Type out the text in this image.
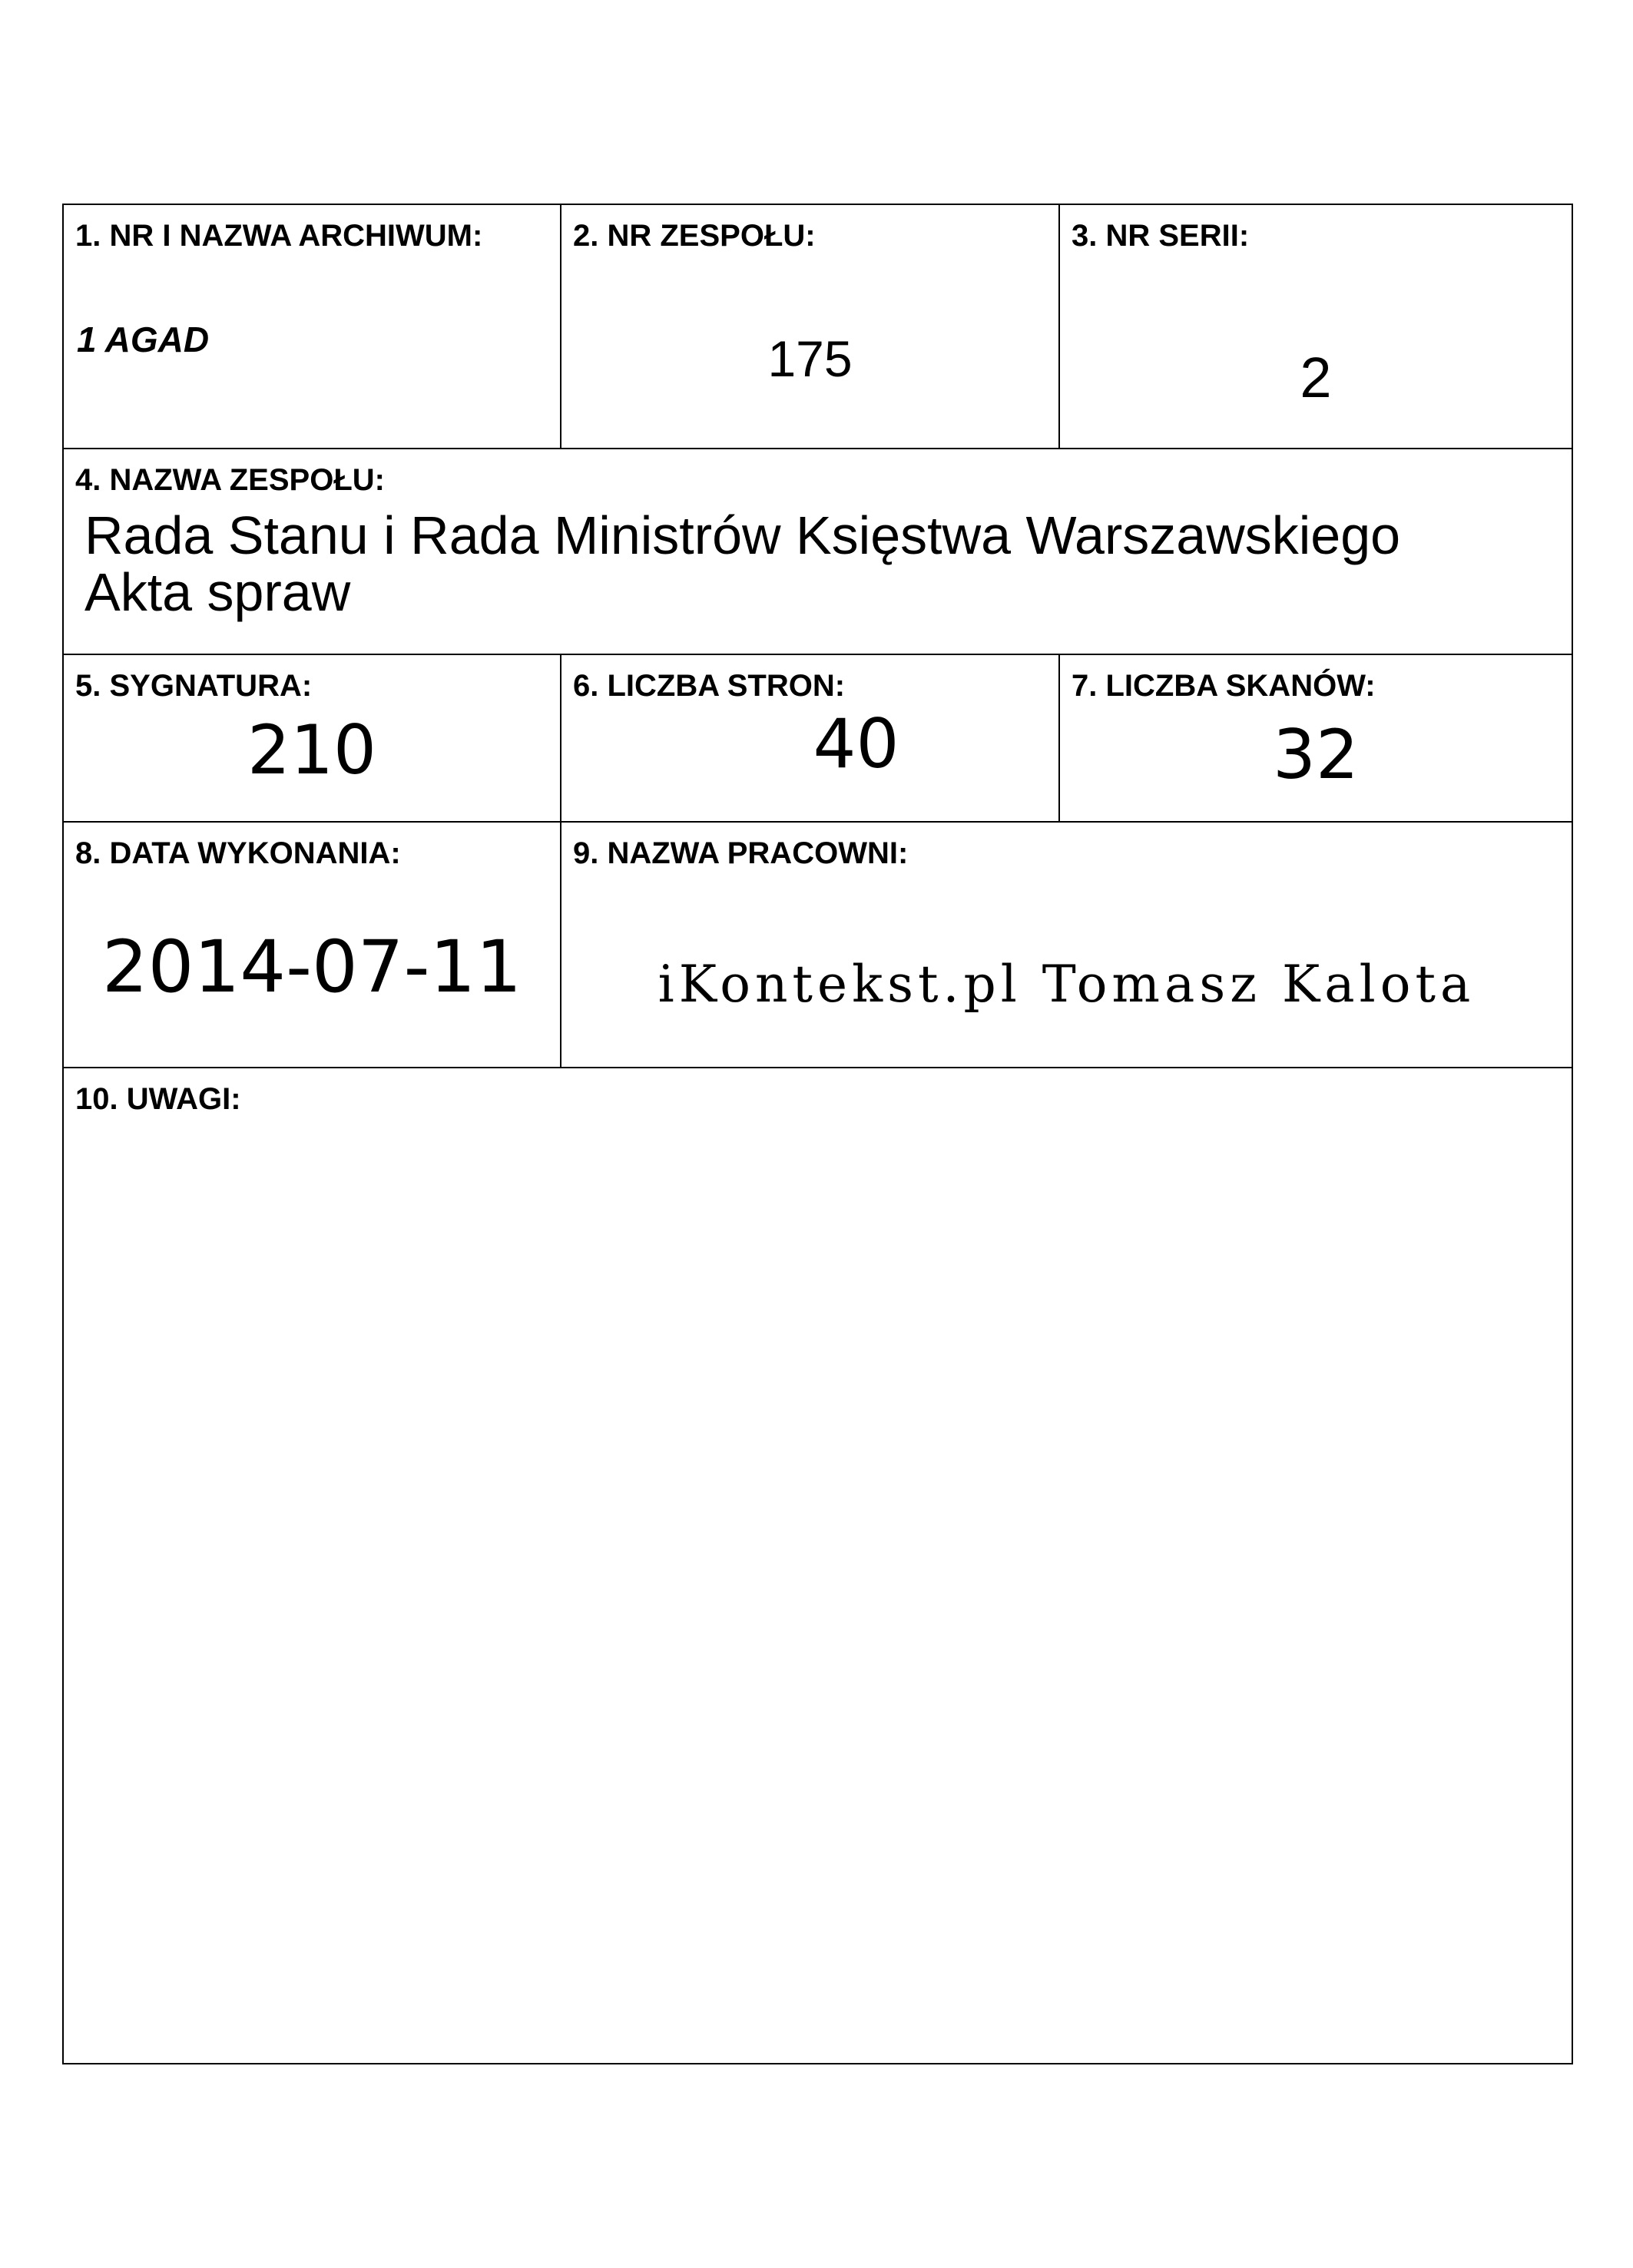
1. NR I NAZWA ARCHIWUM:
1 AGAD
2. NR ZESPOŁU:
175
3. NR SERII:
2
4. NAZWA ZESPOŁU:
Rada Stanu i Rada Ministrów Księstwa Warszawskiego
Akta spraw
5. SYGNATURA:
210
6. LICZBA STRON:
40
7. LICZBA SKANÓW:
32
8. DATA WYKONANIA:
2014-07-11
9. NAZWA PRACOWNI:
iKontekst.pl Tomasz Kalota
10. UWAGI:
